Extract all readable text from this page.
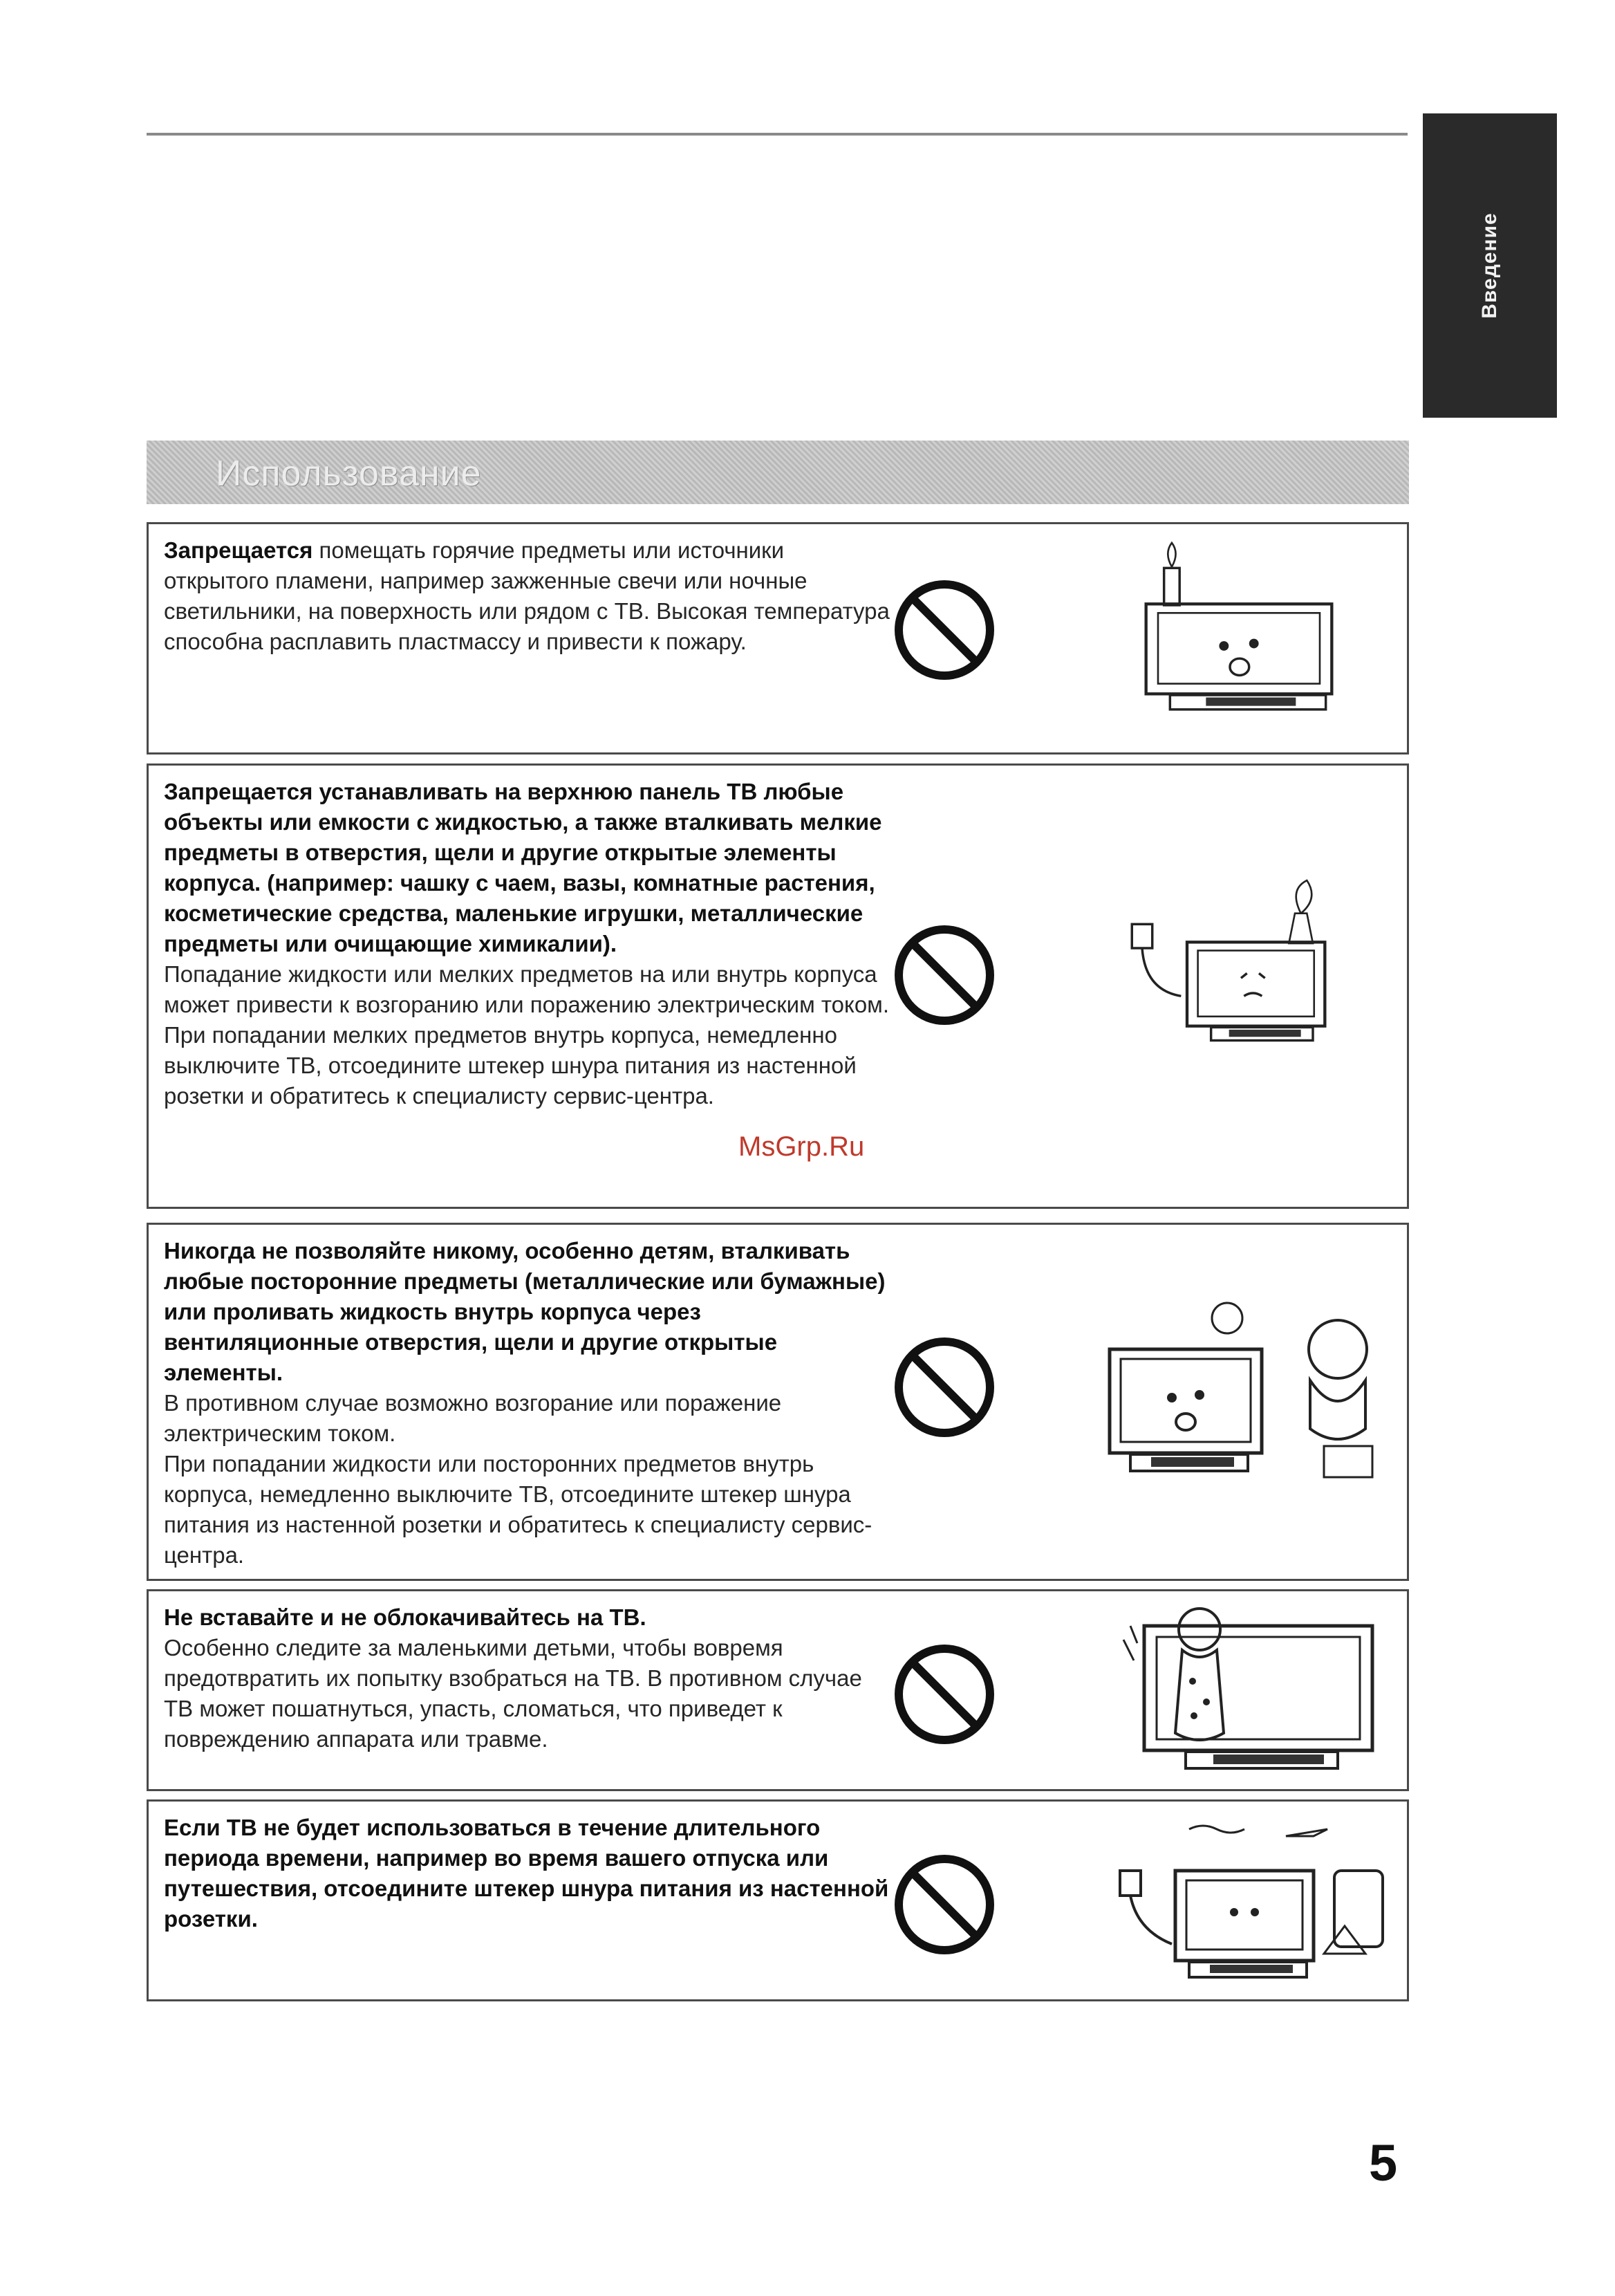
Введение
Использование
Запрещается помещать горячие предметы или источники открытого пламени, например зажженные свечи или ночные светильники, на поверхность или рядом с ТВ. Высокая температура способна расплавить пластмассу и привести к пожару.
Запрещается устанавливать на верхнюю панель ТВ любые объекты или емкости с жидкостью, а также вталкивать мелкие предметы в отверстия, щели и другие открытые элементы корпуса. (например: чашку с чаем, вазы, комнатные растения, косметические средства, маленькие игрушки, металлические предметы или очищающие химикалии).
Попадание жидкости или мелких предметов на или внутрь корпуса может привести к возгоранию или поражению электрическим током. При попадании мелких предметов внутрь корпуса, немедленно выключите ТВ, отсоедините штекер шнура питания из настенной розетки и обратитесь к специалисту сервис-центра.
Никогда не позволяйте никому, особенно детям, вталкивать любые посторонние предметы (металлические или бумажные) или проливать жидкость внутрь корпуса через вентиляционные отверстия, щели и другие открытые элементы.
В противном случае возможно возгорание или поражение электрическим током.
При попадании жидкости или посторонних предметов внутрь корпуса, немедленно выключите ТВ, отсоедините штекер шнура питания из настенной розетки и обратитесь к специалисту сервис-центра.
Не вставайте и не облокачивайтесь на ТВ.
Особенно следите за маленькими детьми, чтобы вовремя предотвратить их попытку взобраться на ТВ. В противном случае ТВ может пошатнуться, упасть, сломаться, что приведет к повреждению аппарата или травме.
Если ТВ не будет использоваться в течение длительного периода времени, например во время вашего отпуска или путешествия, отсоедините штекер шнура питания из настенной розетки.
MsGrp.Ru
5
